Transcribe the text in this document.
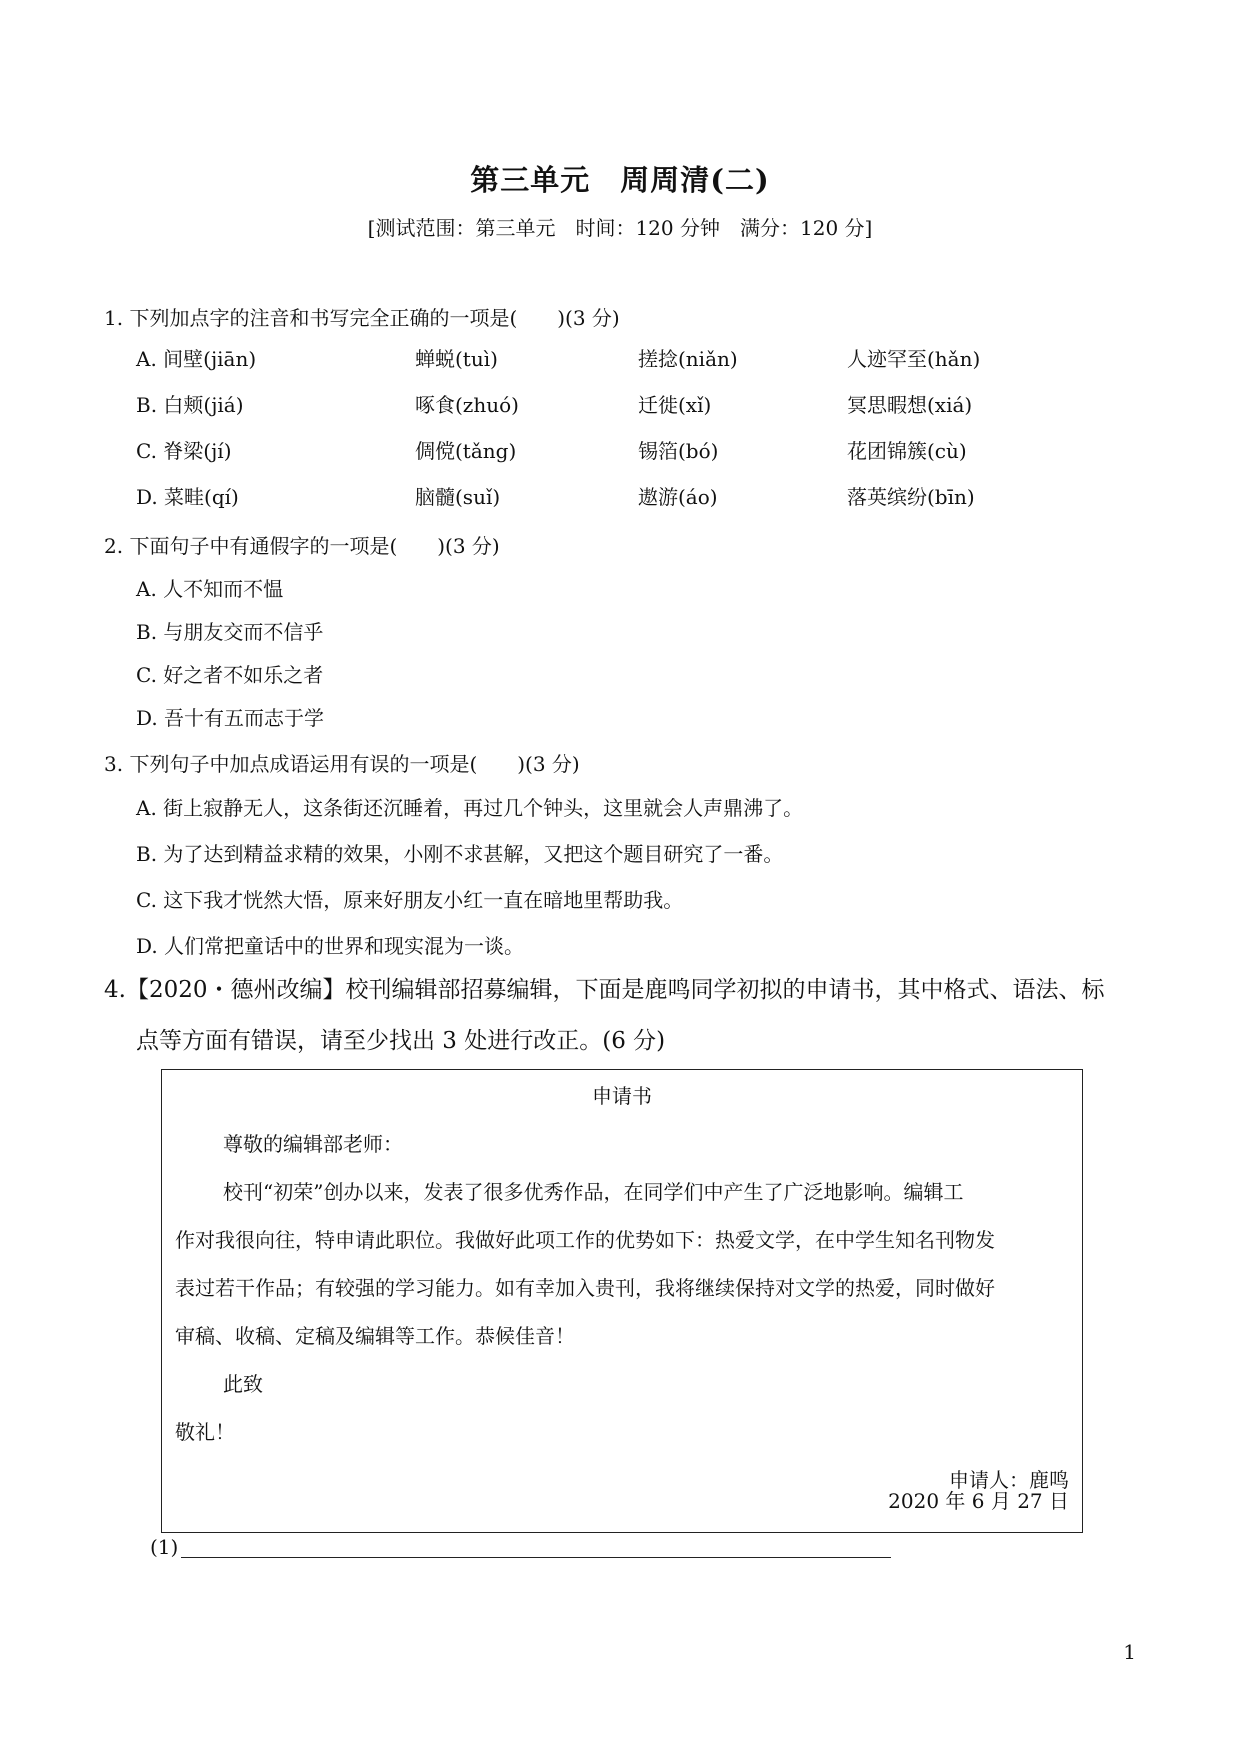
第三单元　周周清(二)
[测试范围：第三单元　时间：120 分钟　满分：120 分]
1. 下列加点字的注音和书写完全正确的一项是(　　)(3 分)
A. 间壁(jiān)	蝉蜕(tuì)	搓捻(niǎn)	人迹罕至(hǎn)
B. 白颊(jiá)	啄食(zhuó)	迁徙(xǐ)	冥思暇想(xiá)
C. 脊梁(jí)	倜傥(tǎng)	锡箔(bó)	花团锦簇(cù)
D. 菜畦(qí)	脑髓(suǐ)	遨游(áo)	落英缤纷(bīn)
2. 下面句子中有通假字的一项是(　　)(3 分)
A. 人不知而不愠
B. 与朋友交而不信乎
C. 好之者不如乐之者
D. 吾十有五而志于学
3. 下列句子中加点成语运用有误的一项是(　　)(3 分)
A. 街上寂静无人，这条街还沉睡着，再过几个钟头，这里就会人声鼎沸了。
B. 为了达到精益求精的效果，小刚不求甚解，又把这个题目研究了一番。
C. 这下我才恍然大悟，原来好朋友小红一直在暗地里帮助我。
D. 人们常把童话中的世界和现实混为一谈。
4.【2020・德州改编】校刊编辑部招募编辑，下面是鹿鸣同学初拟的申请书，其中格式、语法、标
点等方面有错误，请至少找出 3 处进行改正。(6 分)
申请书
尊敬的编辑部老师：
校刊“初荣”创办以来，发表了很多优秀作品，在同学们中产生了广泛地影响。编辑工
作对我很向往，特申请此职位。我做好此项工作的优势如下：热爱文学，在中学生知名刊物发
表过若干作品；有较强的学习能力。如有幸加入贵刊，我将继续保持对文学的热爱，同时做好
审稿、收稿、定稿及编辑等工作。恭候佳音！
此致
敬礼！
申请人：鹿鸣
2020 年 6 月 27 日
(1)
1
